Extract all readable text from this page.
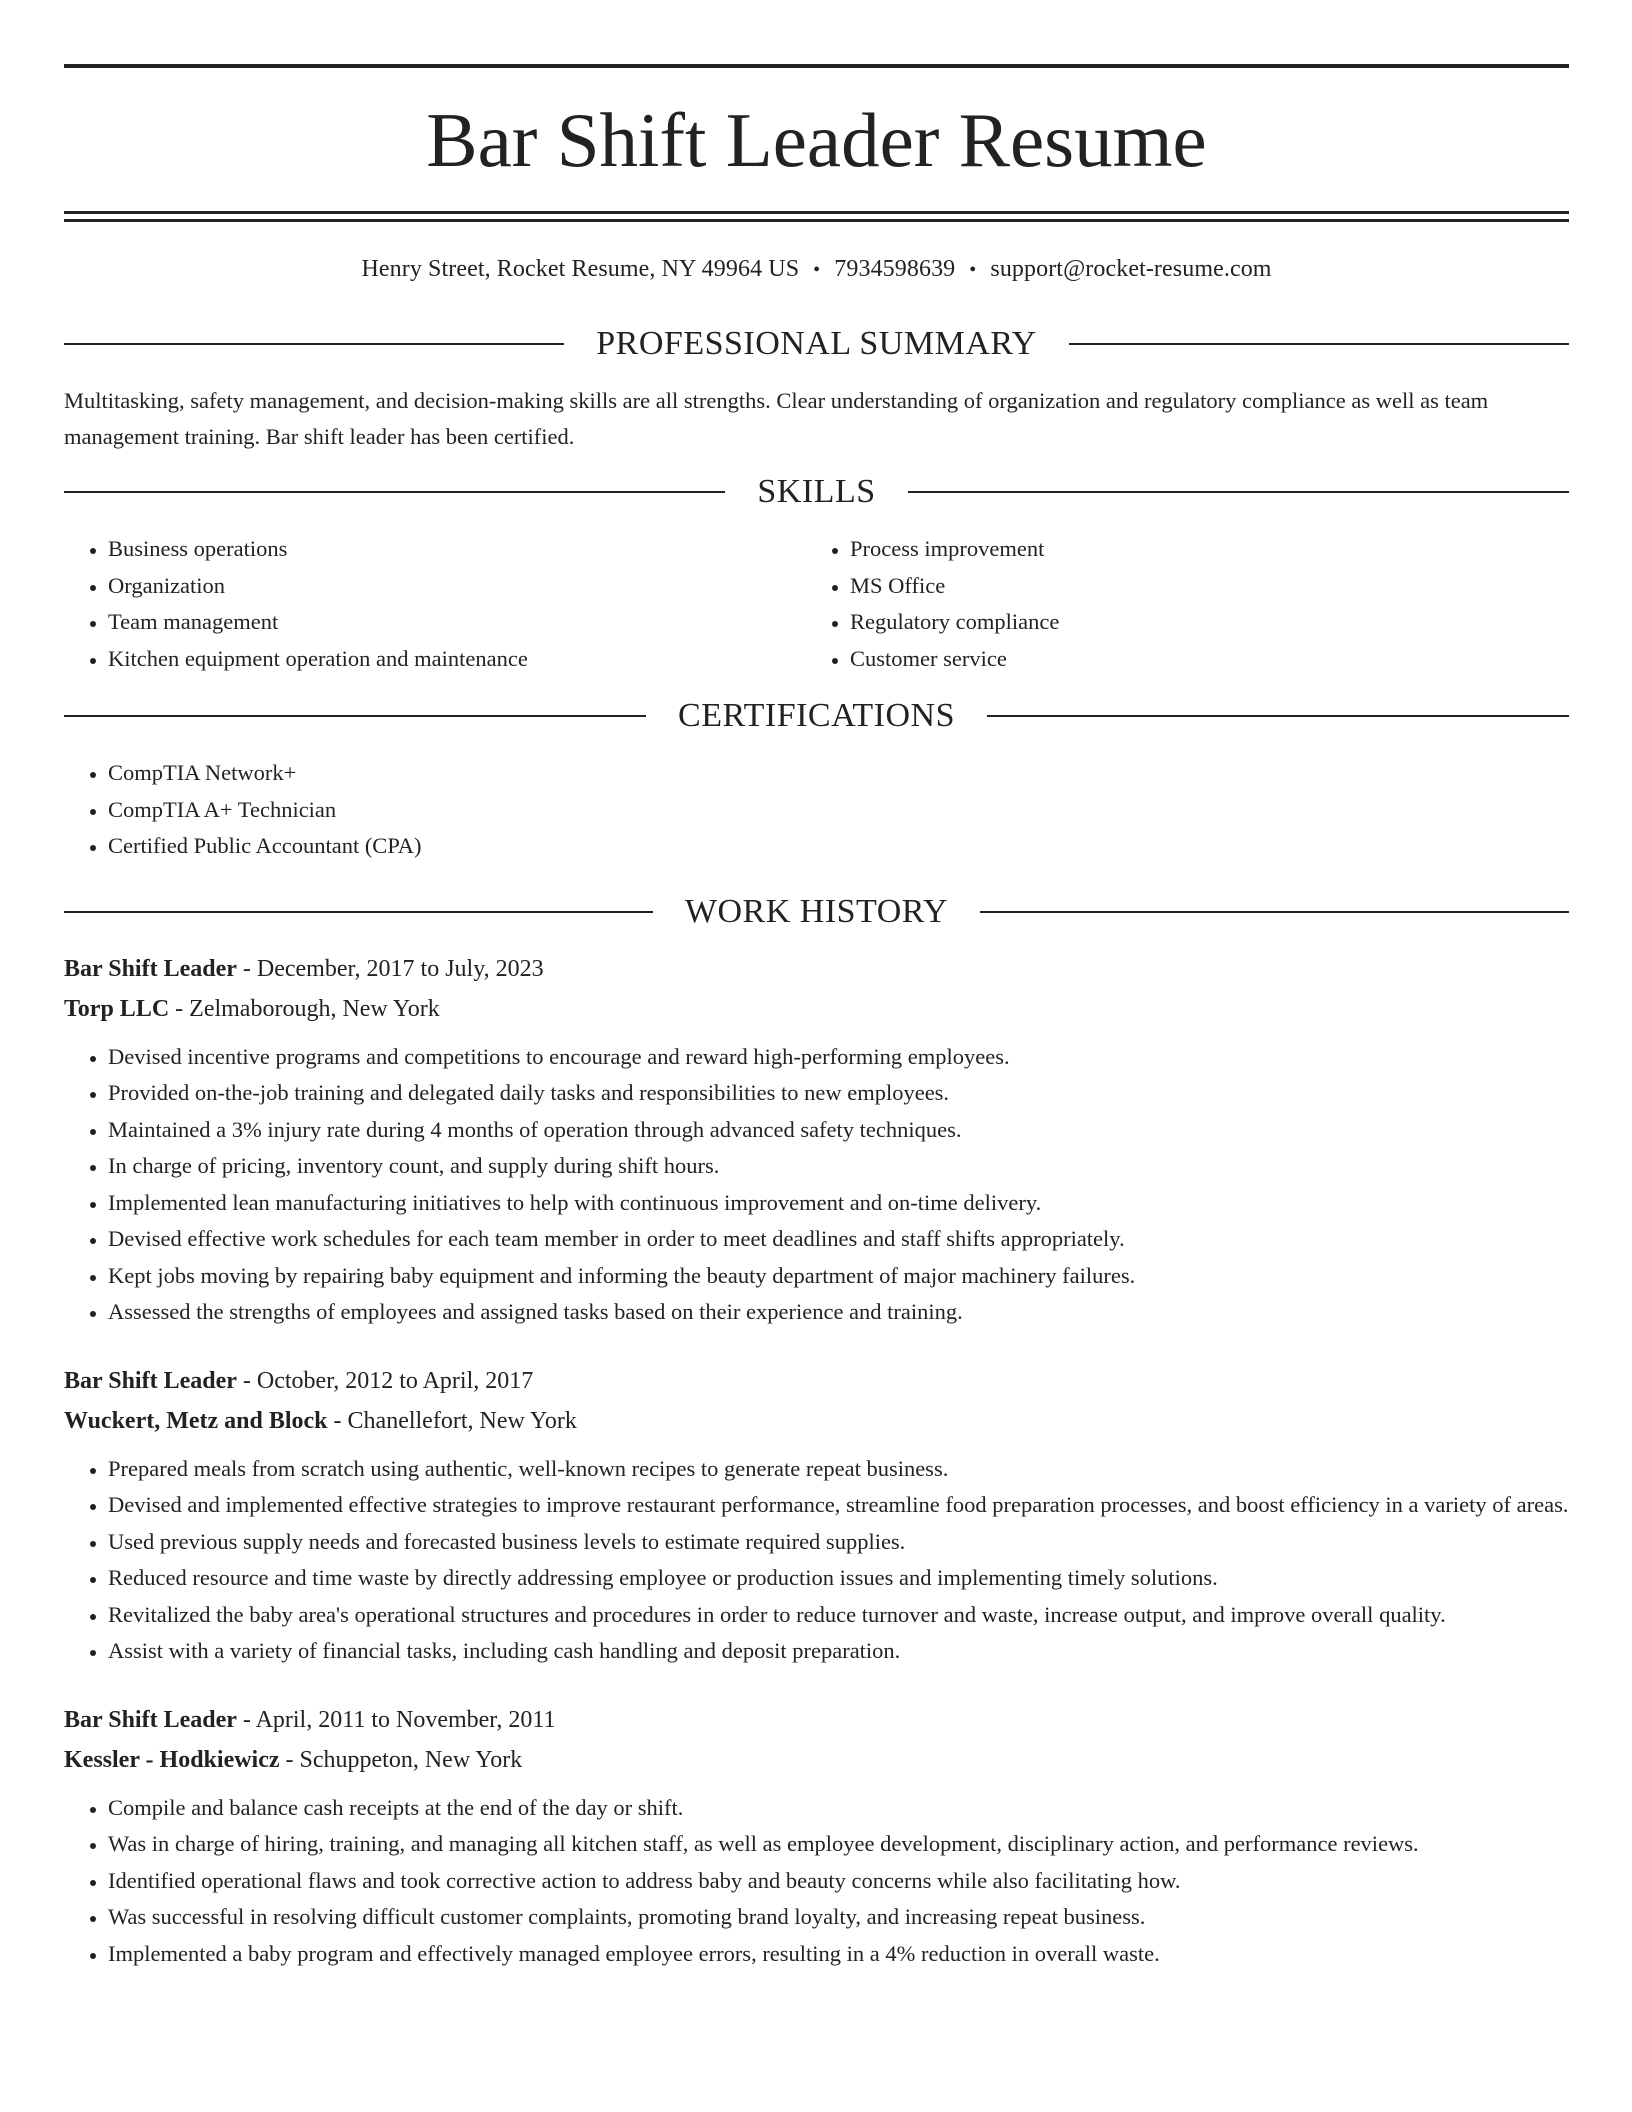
Bar Shift Leader Resume
Henry Street, Rocket Resume, NY 49964 US • 7934598639 • support@rocket-resume.com
PROFESSIONAL SUMMARY

Multitasking, safety management, and decision-making skills are all strengths. Clear understanding of organization and regulatory compliance as well as team management training. Bar shift leader has been certified.

SKILLS
• Business operations
• Organization
• Team management
• Kitchen equipment operation and maintenance
• Process improvement
• MS Office
• Regulatory compliance
• Customer service
CERTIFICATIONS
• CompTIA Network+
• CompTIA A+ Technician
• Certified Public Accountant (CPA)
WORK HISTORY
Bar Shift Leader - December, 2017 to July, 2023
Torp LLC - Zelmaborough, New York
• Devised incentive programs and competitions to encourage and reward high-performing employees.
• Provided on-the-job training and delegated daily tasks and responsibilities to new employees.
• Maintained a 3% injury rate during 4 months of operation through advanced safety techniques.
• In charge of pricing, inventory count, and supply during shift hours.
• Implemented lean manufacturing initiatives to help with continuous improvement and on-time delivery.
• Devised effective work schedules for each team member in order to meet deadlines and staff shifts appropriately.
• Kept jobs moving by repairing baby equipment and informing the beauty department of major machinery failures.
• Assessed the strengths of employees and assigned tasks based on their experience and training.
Bar Shift Leader - October, 2012 to April, 2017
Wuckert, Metz and Block - Chanellefort, New York
• Prepared meals from scratch using authentic, well-known recipes to generate repeat business.
• Devised and implemented effective strategies to improve restaurant performance, streamline food preparation processes, and boost efficiency in a variety of areas.
• Used previous supply needs and forecasted business levels to estimate required supplies.
• Reduced resource and time waste by directly addressing employee or production issues and implementing timely solutions.
• Revitalized the baby area's operational structures and procedures in order to reduce turnover and waste, increase output, and improve overall quality.
• Assist with a variety of financial tasks, including cash handling and deposit preparation.
Bar Shift Leader - April, 2011 to November, 2011
Kessler - Hodkiewicz - Schuppeton, New York
• Compile and balance cash receipts at the end of the day or shift.
• Was in charge of hiring, training, and managing all kitchen staff, as well as employee development, disciplinary action, and performance reviews.
• Identified operational flaws and took corrective action to address baby and beauty concerns while also facilitating how.
• Was successful in resolving difficult customer complaints, promoting brand loyalty, and increasing repeat business.
• Implemented a baby program and effectively managed employee errors, resulting in a 4% reduction in overall waste.
